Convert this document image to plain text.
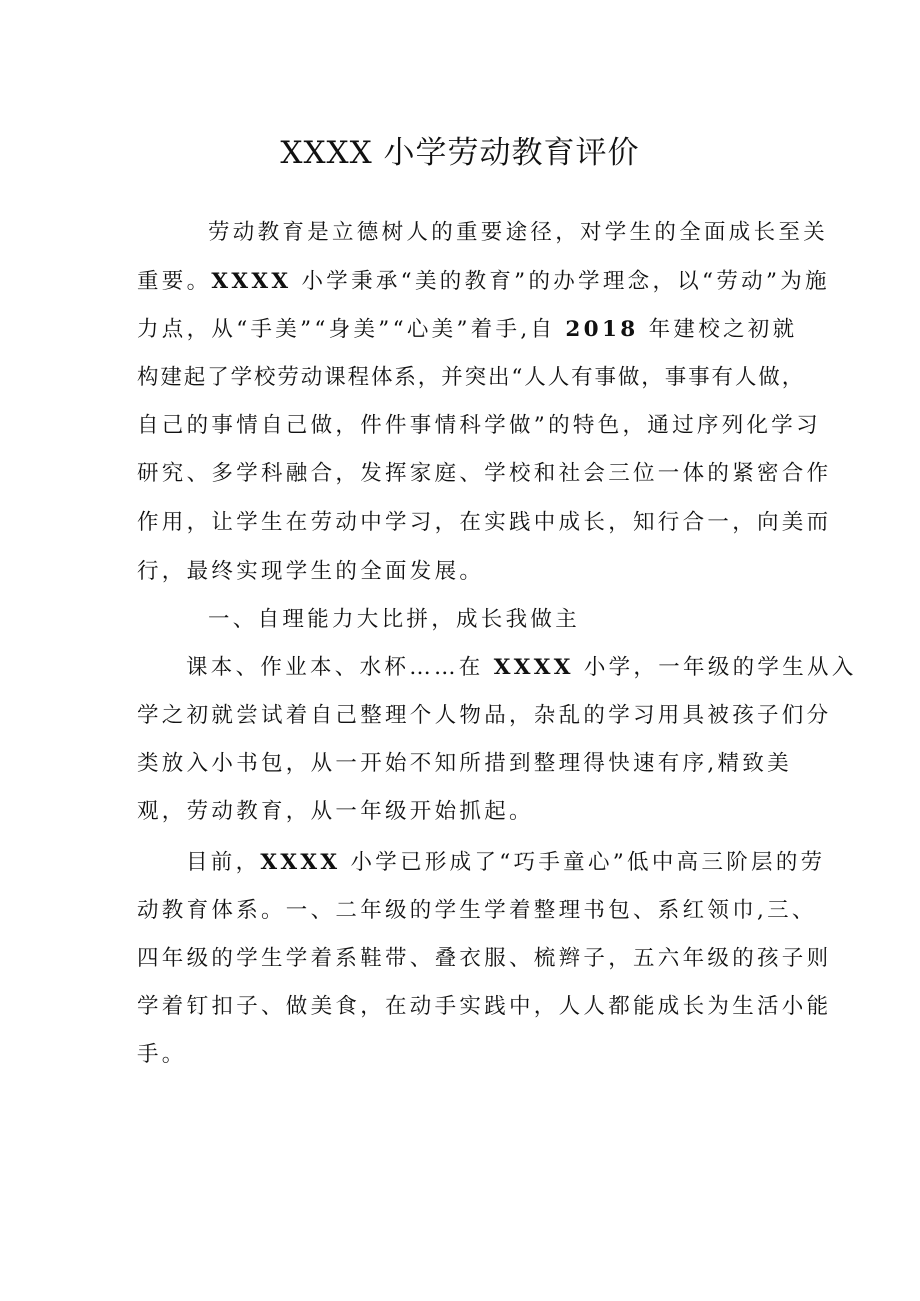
XXXX 小学劳动教育评价
劳动教育是立德树人的重要途径，对学生的全面成长至关
重要。XXXX 小学秉承“美的教育”的办学理念，以“劳动”为施
力点，从“手美”“身美”“心美”着手,自 2018 年建校之初就
构建起了学校劳动课程体系，并突出“人人有事做，事事有人做，
自己的事情自己做，件件事情科学做”的特色，通过序列化学习
研究、多学科融合，发挥家庭、学校和社会三位一体的紧密合作
作用，让学生在劳动中学习，在实践中成长，知行合一，向美而
行，最终实现学生的全面发展。
一、自理能力大比拼，成长我做主
课本、作业本、水杯……在 XXXX 小学，一年级的学生从入
学之初就尝试着自己整理个人物品，杂乱的学习用具被孩子们分
类放入小书包，从一开始不知所措到整理得快速有序,精致美
观，劳动教育，从一年级开始抓起。
目前，XXXX 小学已形成了“巧手童心”低中高三阶层的劳
动教育体系。一、二年级的学生学着整理书包、系红领巾,三、
四年级的学生学着系鞋带、叠衣服、梳辫子，五六年级的孩子则
学着钉扣子、做美食，在动手实践中，人人都能成长为生活小能
手。
